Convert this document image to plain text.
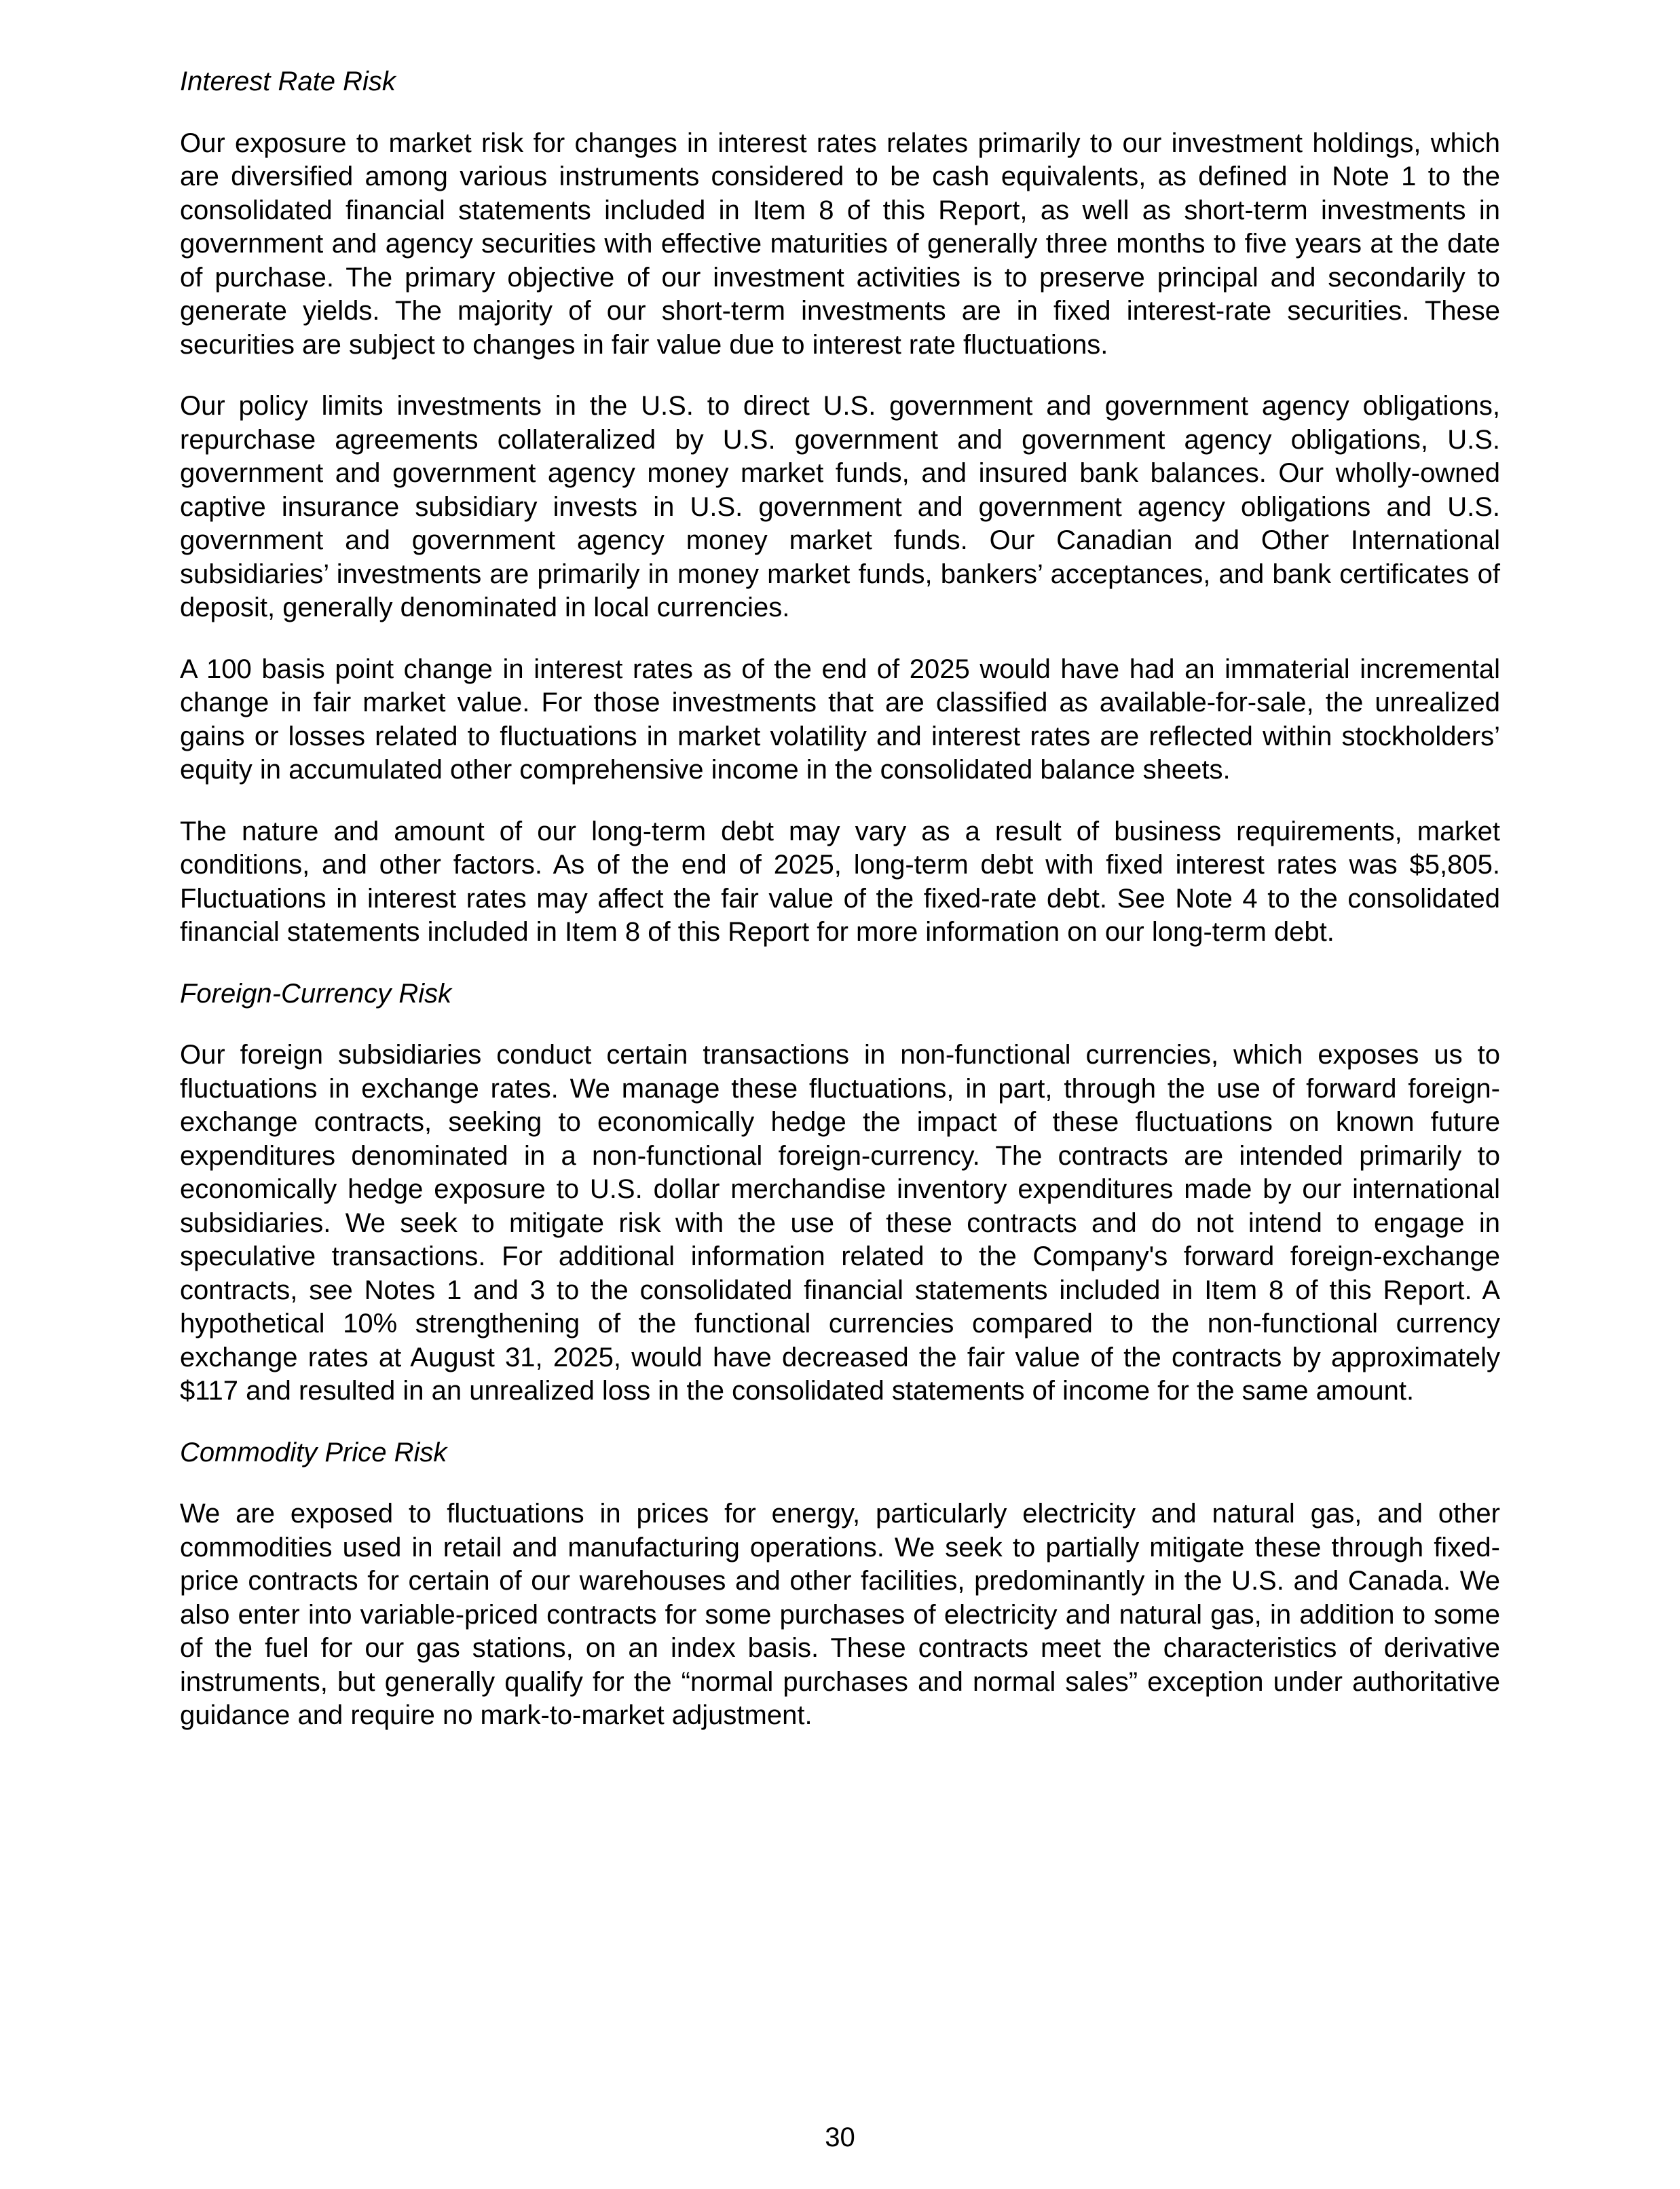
Interest Rate Risk

Our exposure to market risk for changes in interest rates relates primarily to our investment holdings, which are diversified among various instruments considered to be cash equivalents, as defined in Note 1 to the consolidated financial statements included in Item 8 of this Report, as well as short-term investments in government and agency securities with effective maturities of generally three months to five years at the date of purchase. The primary objective of our investment activities is to preserve principal and secondarily to generate yields. The majority of our short-term investments are in fixed interest-rate securities. These securities are subject to changes in fair value due to interest rate fluctuations.

Our policy limits investments in the U.S. to direct U.S. government and government agency obligations, repurchase agreements collateralized by U.S. government and government agency obligations, U.S. government and government agency money market funds, and insured bank balances. Our wholly-owned captive insurance subsidiary invests in U.S. government and government agency obligations and U.S. government and government agency money market funds. Our Canadian and Other International subsidiaries’ investments are primarily in money market funds, bankers’ acceptances, and bank certificates of deposit, generally denominated in local currencies.

A 100 basis point change in interest rates as of the end of 2025 would have had an immaterial incremental change in fair market value. For those investments that are classified as available-for-sale, the unrealized gains or losses related to fluctuations in market volatility and interest rates are reflected within stockholders’ equity in accumulated other comprehensive income in the consolidated balance sheets.

The nature and amount of our long-term debt may vary as a result of business requirements, market conditions, and other factors. As of the end of 2025, long-term debt with fixed interest rates was $5,805. Fluctuations in interest rates may affect the fair value of the fixed-rate debt. See Note 4 to the consolidated financial statements included in Item 8 of this Report for more information on our long-term debt.

Foreign-Currency Risk

Our foreign subsidiaries conduct certain transactions in non-functional currencies, which exposes us to fluctuations in exchange rates. We manage these fluctuations, in part, through the use of forward foreign-exchange contracts, seeking to economically hedge the impact of these fluctuations on known future expenditures denominated in a non-functional foreign-currency. The contracts are intended primarily to economically hedge exposure to U.S. dollar merchandise inventory expenditures made by our international subsidiaries. We seek to mitigate risk with the use of these contracts and do not intend to engage in speculative transactions. For additional information related to the Company's forward foreign-exchange contracts, see Notes 1 and 3 to the consolidated financial statements included in Item 8 of this Report. A hypothetical 10% strengthening of the functional currencies compared to the non-functional currency exchange rates at August 31, 2025, would have decreased the fair value of the contracts by approximately $117 and resulted in an unrealized loss in the consolidated statements of income for the same amount.

Commodity Price Risk

We are exposed to fluctuations in prices for energy, particularly electricity and natural gas, and other commodities used in retail and manufacturing operations. We seek to partially mitigate these through fixed-price contracts for certain of our warehouses and other facilities, predominantly in the U.S. and Canada. We also enter into variable-priced contracts for some purchases of electricity and natural gas, in addition to some of the fuel for our gas stations, on an index basis. These contracts meet the characteristics of derivative instruments, but generally qualify for the “normal purchases and normal sales” exception under authoritative guidance and require no mark-to-market adjustment.

30
